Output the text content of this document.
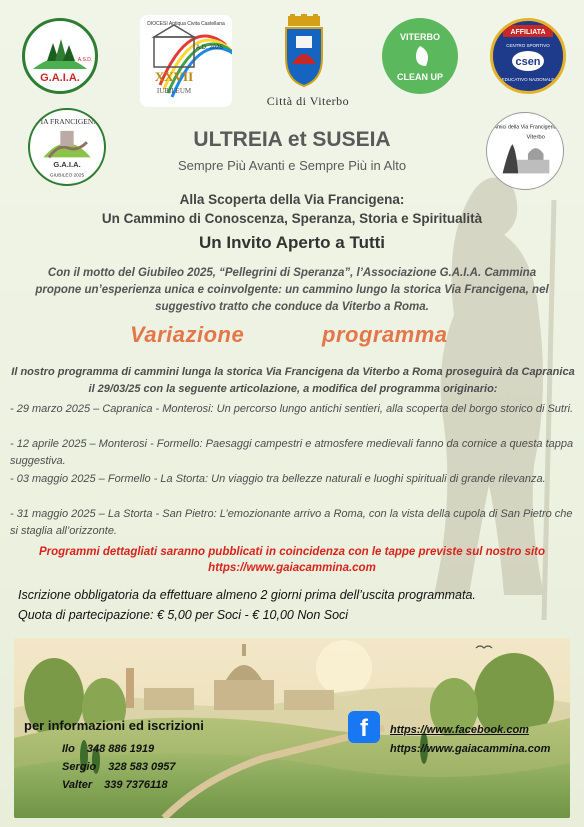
G.A.I.A.
A.S.D.
DIOCESI Antiqua Civita Castellana
A.D. 2025
XXVII
IUBILEUM
Città di Viterbo
VITERBO
CLEAN UP
AFFILIATA
CENTRO SPORTIVO
csen
EDUCATIVO NAZIONALE
VIA FRANCIGENA
G.A.I.A.
GIUBILEO 2025
Amici della Via Francigena
Viterbo
ULTREIA et SUSEIA
Sempre Più Avanti e Sempre Più in Alto
Alla Scoperta della Via Francigena:
Un Cammino di Conoscenza, Speranza, Storia e Spiritualità
Un Invito Aperto a Tutti
Con il motto del Giubileo 2025, “Pellegrini di Speranza”, l’Associazione G.A.I.A. Cammina propone un’esperienza unica e coinvolgente: un cammino lungo la storica Via Francigena, nel suggestivo tratto che conduce da Viterbo a Roma.
Variazione	programma
Il nostro programma di cammini lunga la storica Via Francigena da Viterbo a Roma proseguirà da Capranica il 29/03/25 con la seguente articolazione, a modifica del programma originario:
- 29 marzo 2025 – Capranica - Monterosi: Un percorso lungo antichi sentieri, alla scoperta del borgo storico di Sutri.
- 12 aprile 2025 – Monterosi - Formello: Paesaggi campestri e atmosfere medievali fanno da cornice a questa tappa suggestiva.
- 03 maggio 2025 – Formello - La Storta: Un viaggio tra bellezze naturali e luoghi spirituali di grande rilevanza.
- 31 maggio 2025 – La Storta - San Pietro: L’emozionante arrivo a Roma, con la vista della cupola di San Pietro che si staglia all’orizzonte.
Programmi dettagliati saranno pubblicati in coincidenza con le tappe previste sul nostro sito
https://www.gaiacammina.com
Iscrizione obbligatoria da effettuare almeno 2 giorni prima dell’uscita programmata.
Quota di partecipazione: € 5,00 per Soci - € 10,00 Non Soci
per informazioni ed iscrizioni
Ilo 348 886 1919
Sergio 328 583 0957
Valter 339 7376118
f	https://www.facebook.com
https://www.gaiacammina.com
